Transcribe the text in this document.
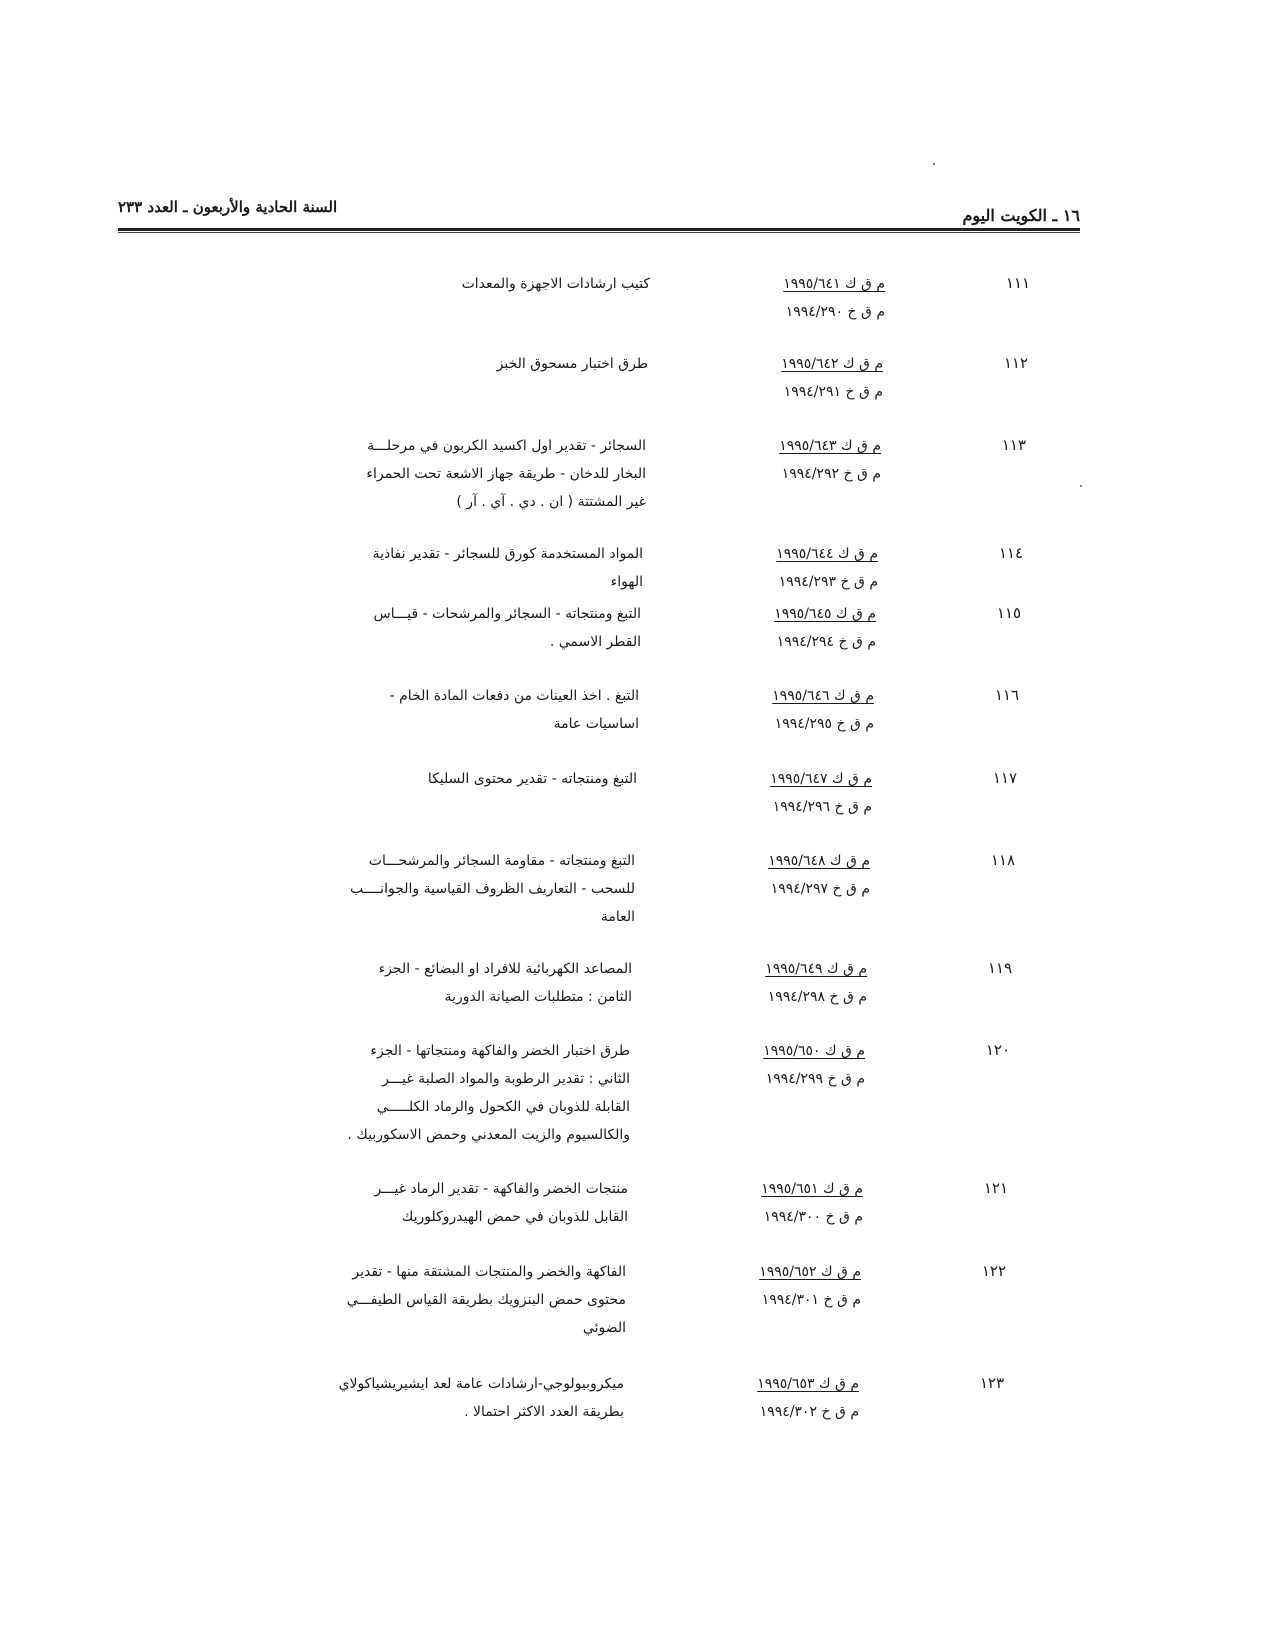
١٦ ـ الكويت اليوم
السنة الحادية والأربعون ـ العدد ٢٣٣
١١١
م ق ك ١٩٩٥/٦٤١
م ق خ ١٩٩٤/٢٩٠
كتيب ارشادات الاجهزة والمعدات
١١٢
م ق ك ١٩٩٥/٦٤٢
م ق خ ١٩٩٤/٢٩١
طرق اختبار مسحوق الخبز
١١٣
م ق ك ١٩٩٥/٦٤٣
م ق خ ١٩٩٤/٢٩٢
السجائر - تقدير اول اكسيد الكربون في مرحلـــة
البخار للدخان - طريقة جهاز الاشعة تحت الحمراء
غير المشتتة ( ان . دي . آي . آر )
١١٤
م ق ك ١٩٩٥/٦٤٤
م ق خ ١٩٩٤/٢٩٣
المواد المستخدمة كورق للسجائر - تقدير نفاذية
الهواء
١١٥
م ق ك ١٩٩٥/٦٤٥
م ق خ ١٩٩٤/٢٩٤
التبغ ومنتجاته - السجائر والمرشحات - قيـــاس
القطر الاسمي .
١١٦
م ق ك ١٩٩٥/٦٤٦
م ق خ ١٩٩٤/٢٩٥
التبغ . اخذ العينات من دفعات المادة الخام -
اساسيات عامة
١١٧
م ق ك ١٩٩٥/٦٤٧
م ق خ ١٩٩٤/٢٩٦
التبغ ومنتجاته - تقدير محتوى السليكا
١١٨
م ق ك ١٩٩٥/٦٤٨
م ق خ ١٩٩٤/٢٩٧
التبغ ومنتجاته - مقاومة السجائر والمرشحـــات
للسحب - التعاريف الظروف القياسية والجوانــــب
العامة
١١٩
م ق ك ١٩٩٥/٦٤٩
م ق خ ١٩٩٤/٢٩٨
المصاعد الكهربائية للافراد او البضائع - الجزء
الثامن : متطلبات الصيانة الدورية
١٢٠
م ق ك ١٩٩٥/٦٥٠
م ق خ ١٩٩٤/٢٩٩
طرق اختبار الخضر والفاكهة ومنتجاتها - الجزء
الثاني : تقدير الرطوبة والمواد الصلبة غيـــر
القابلة للذوبان في الكحول والرماد الكلـــــي
والكالسيوم والزيت المعدني وحمض الاسكوربيك .
١٢١
م ق ك ١٩٩٥/٦٥١
م ق خ ١٩٩٤/٣٠٠
منتجات الخضر والفاكهة - تقدير الرماد غيـــر
القابل للذوبان في حمض الهيدروكلوريك
١٢٢
م ق ك ١٩٩٥/٦٥٢
م ق خ ١٩٩٤/٣٠١
الفاكهة والخضر والمنتجات المشتقة منها - تقدير
محتوى حمض البنزويك بطريقة القياس الطيفـــي
الضوئي
١٢٣
م ق ك ١٩٩٥/٦٥٣
م ق خ ١٩٩٤/٣٠٢
ميكروبيولوجي-ارشادات عامة لعد ايشيريشياكولاي
بطريقة العدد الاكثر احتمالا .
